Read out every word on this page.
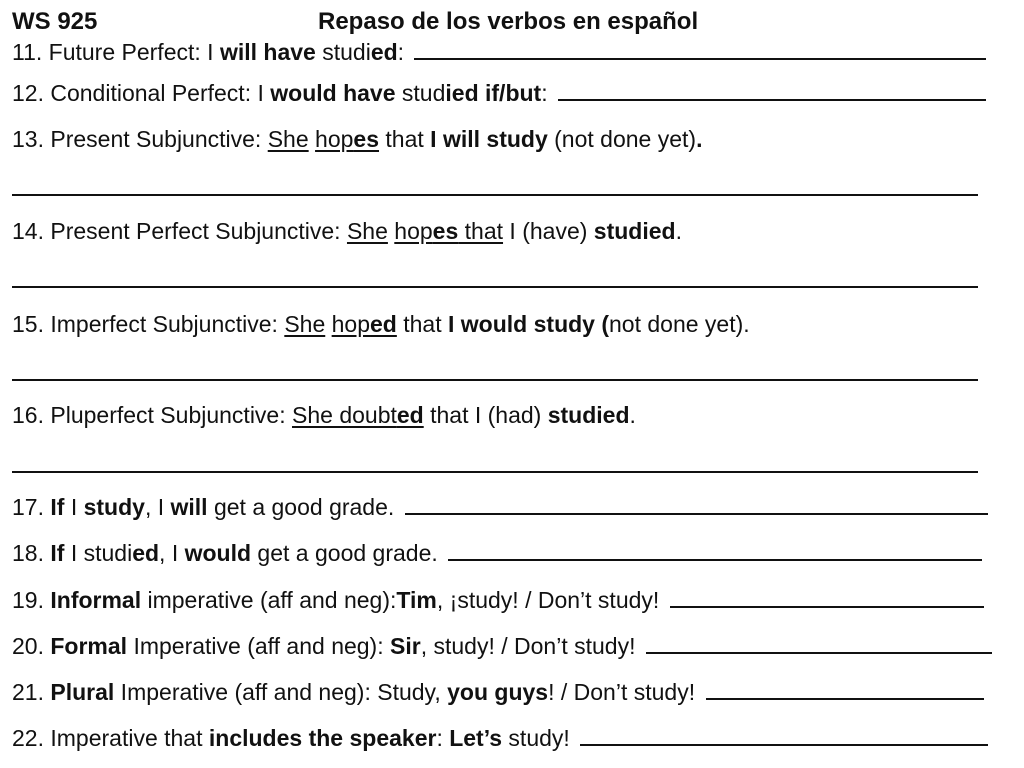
WS 925	Repaso de los verbos en español
11. Future Perfect: I will have studied:
12. Conditional Perfect: I would have studied if/but:
13. Present Subjunctive: She hopes that I will study (not done yet).
14. Present Perfect Subjunctive: She hopes that I (have) studied.
15. Imperfect Subjunctive: She hoped that I would study (not done yet).
16. Pluperfect Subjunctive: She doubted that I (had) studied.
17. If I study, I will get a good grade.
18. If I studied, I would get a good grade.
19. Informal imperative (aff and neg):Tim, ¡study! / Don’t study!
20. Formal Imperative (aff and neg): Sir, study! / Don’t study!
21. Plural Imperative (aff and neg): Study, you guys! / Don’t study!
22. Imperative that includes the speaker: Let’s study!
